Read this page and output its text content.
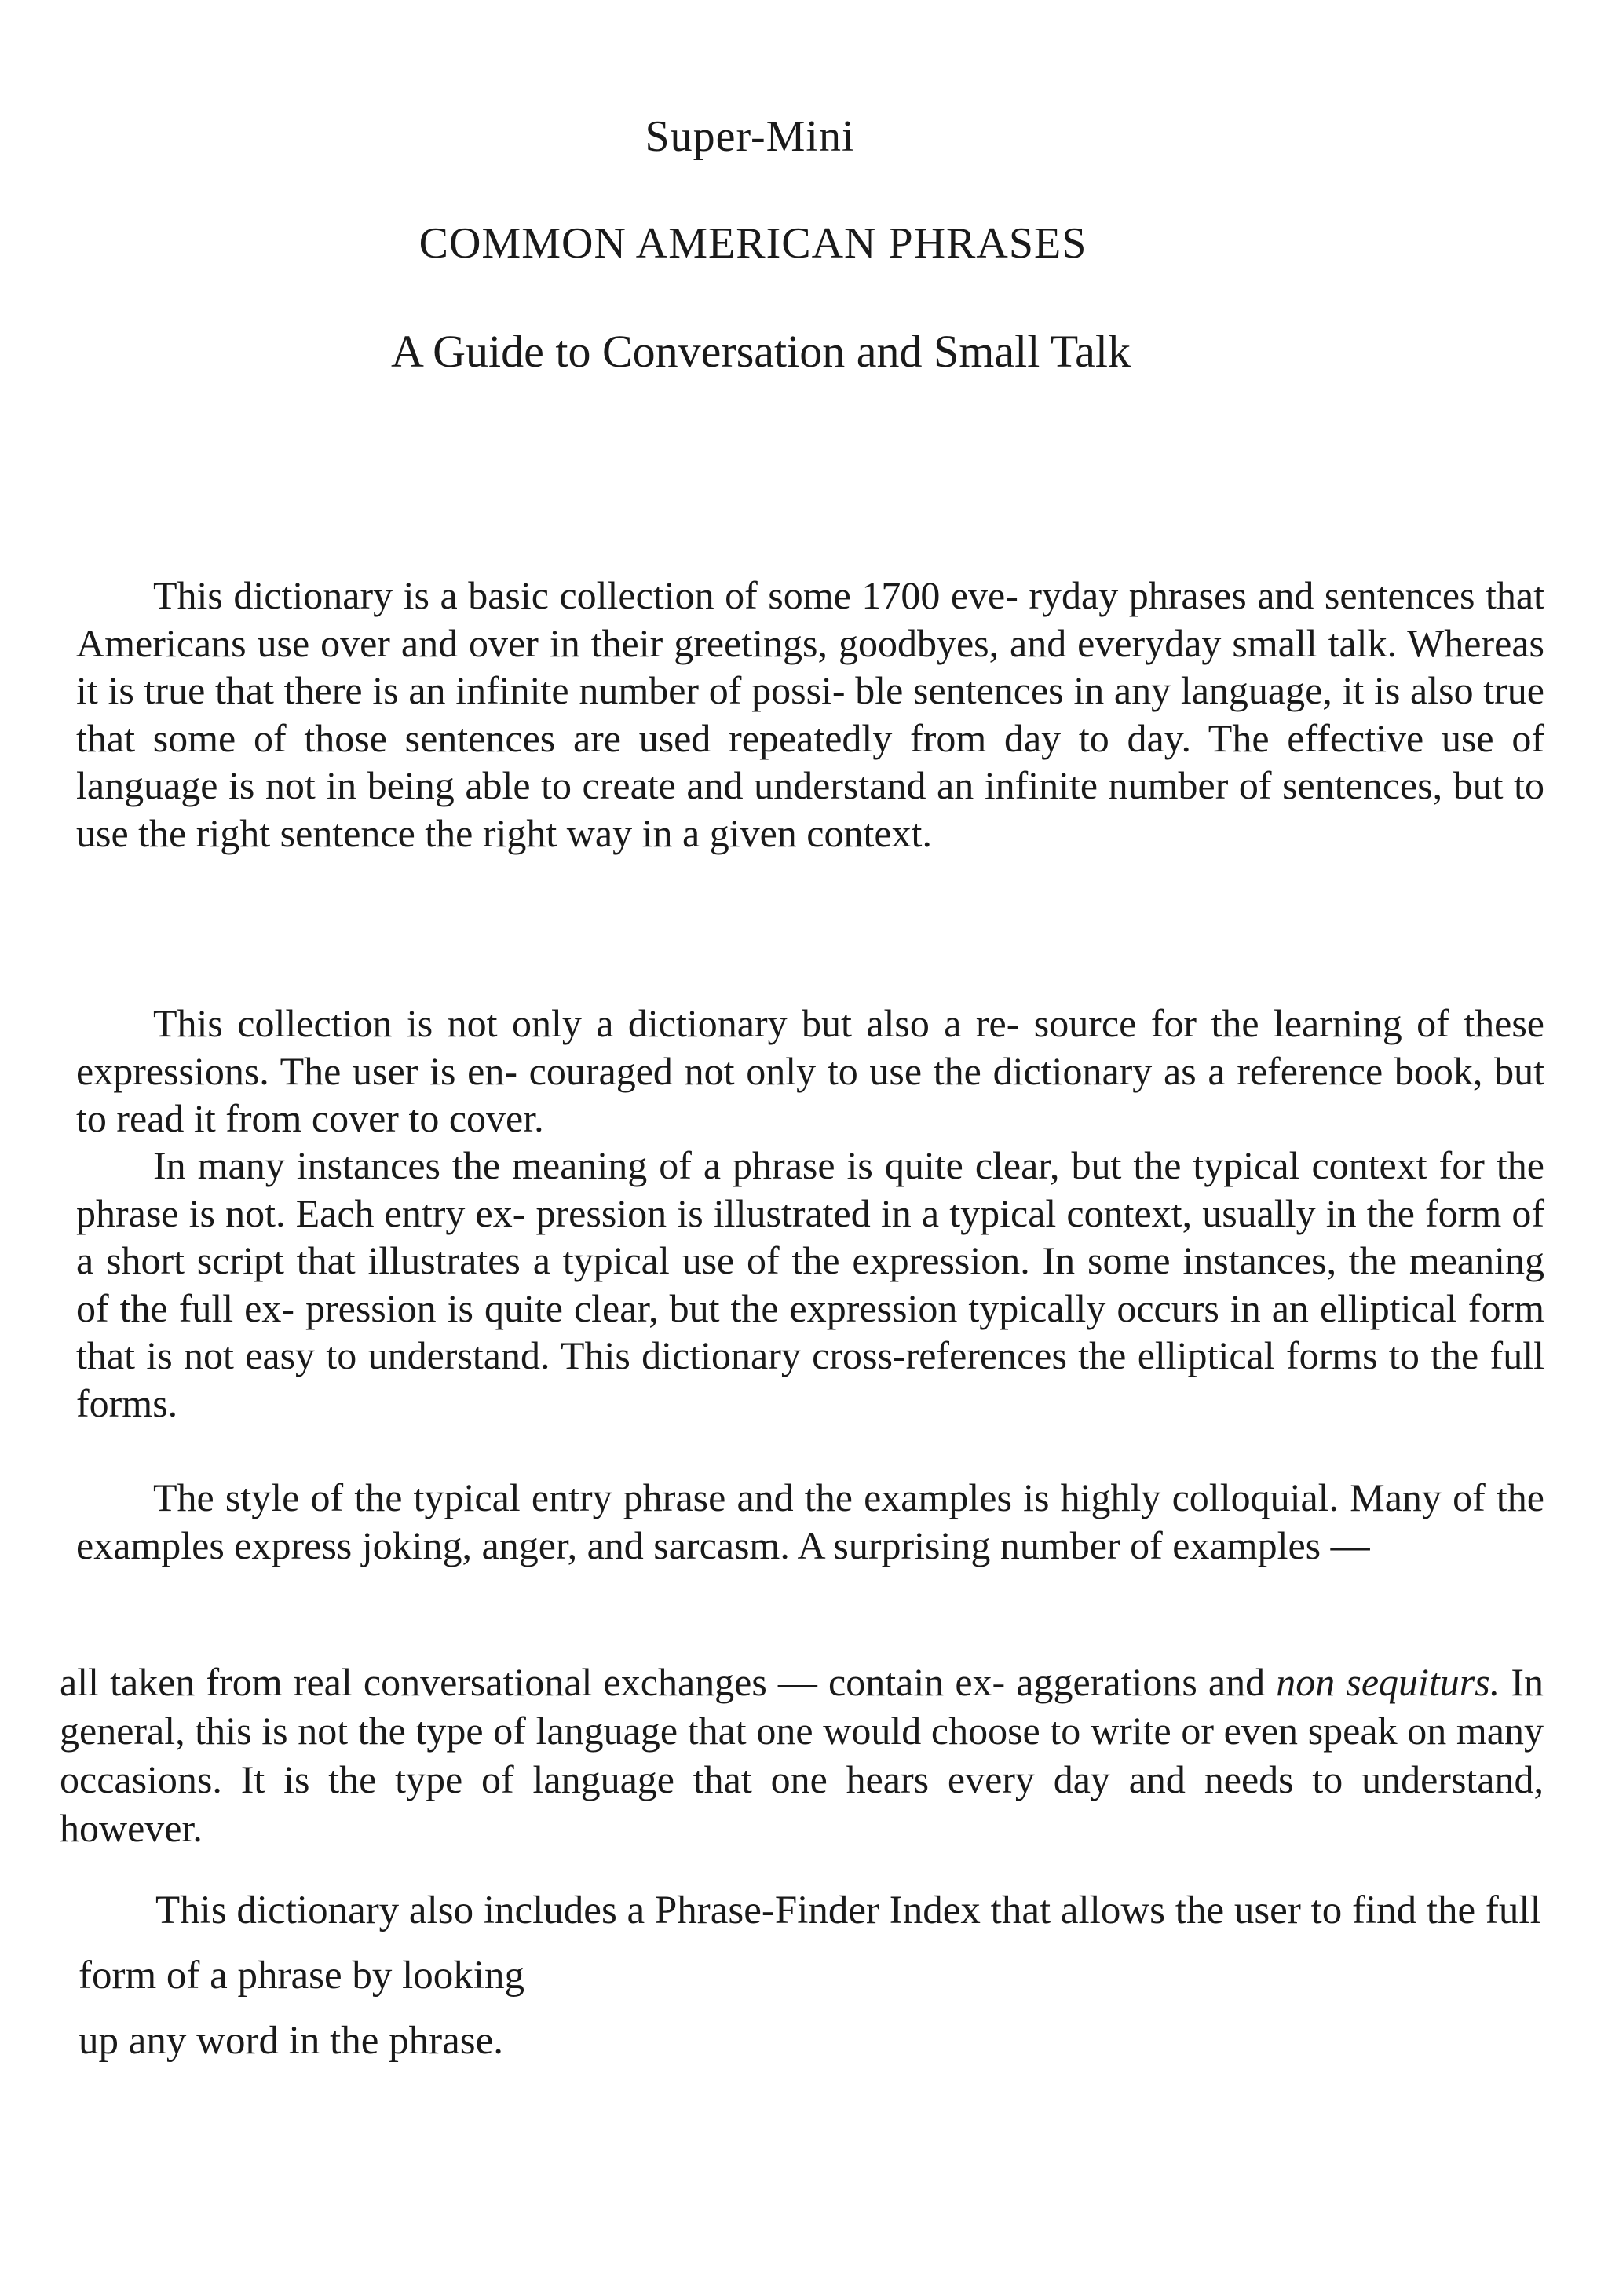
Super-Mini
COMMON AMERICAN PHRASES
A Guide to Conversation and Small Talk

This dictionary is a basic collection of some 1700 eve- ryday phrases and sentences that Americans use over and over in their greetings, goodbyes, and everyday small talk. Whereas it is true that there is an infinite number of possi- ble sentences in any language, it is also true that some of those sentences are used repeatedly from day to day. The effective use of language is not in being able to create and understand an infinite number of sentences, but to use the right sentence the right way in a given context.

This collection is not only a dictionary but also a re- source for the learning of these expressions. The user is en- couraged not only to use the dictionary as a reference book, but to read it from cover to cover.

In many instances the meaning of a phrase is quite clear, but the typical context for the phrase is not. Each entry ex- pression is illustrated in a typical context, usually in the form of a short script that illustrates a typical use of the expression. In some instances, the meaning of the full ex- pression is quite clear, but the expression typically occurs in an elliptical form that is not easy to understand. This dictionary cross-references the elliptical forms to the full forms.

The style of the typical entry phrase and the examples is highly colloquial. Many of the examples express joking, anger, and sarcasm. A surprising number of examples —

all taken from real conversational exchanges — contain ex- aggerations and non sequiturs. In general, this is not the type of language that one would choose to write or even speak on many occasions. It is the type of language that one hears every day and needs to understand, however.

This dictionary also includes a Phrase-Finder Index that allows the user to find the full form of a phrase by looking
up any word in the phrase.
